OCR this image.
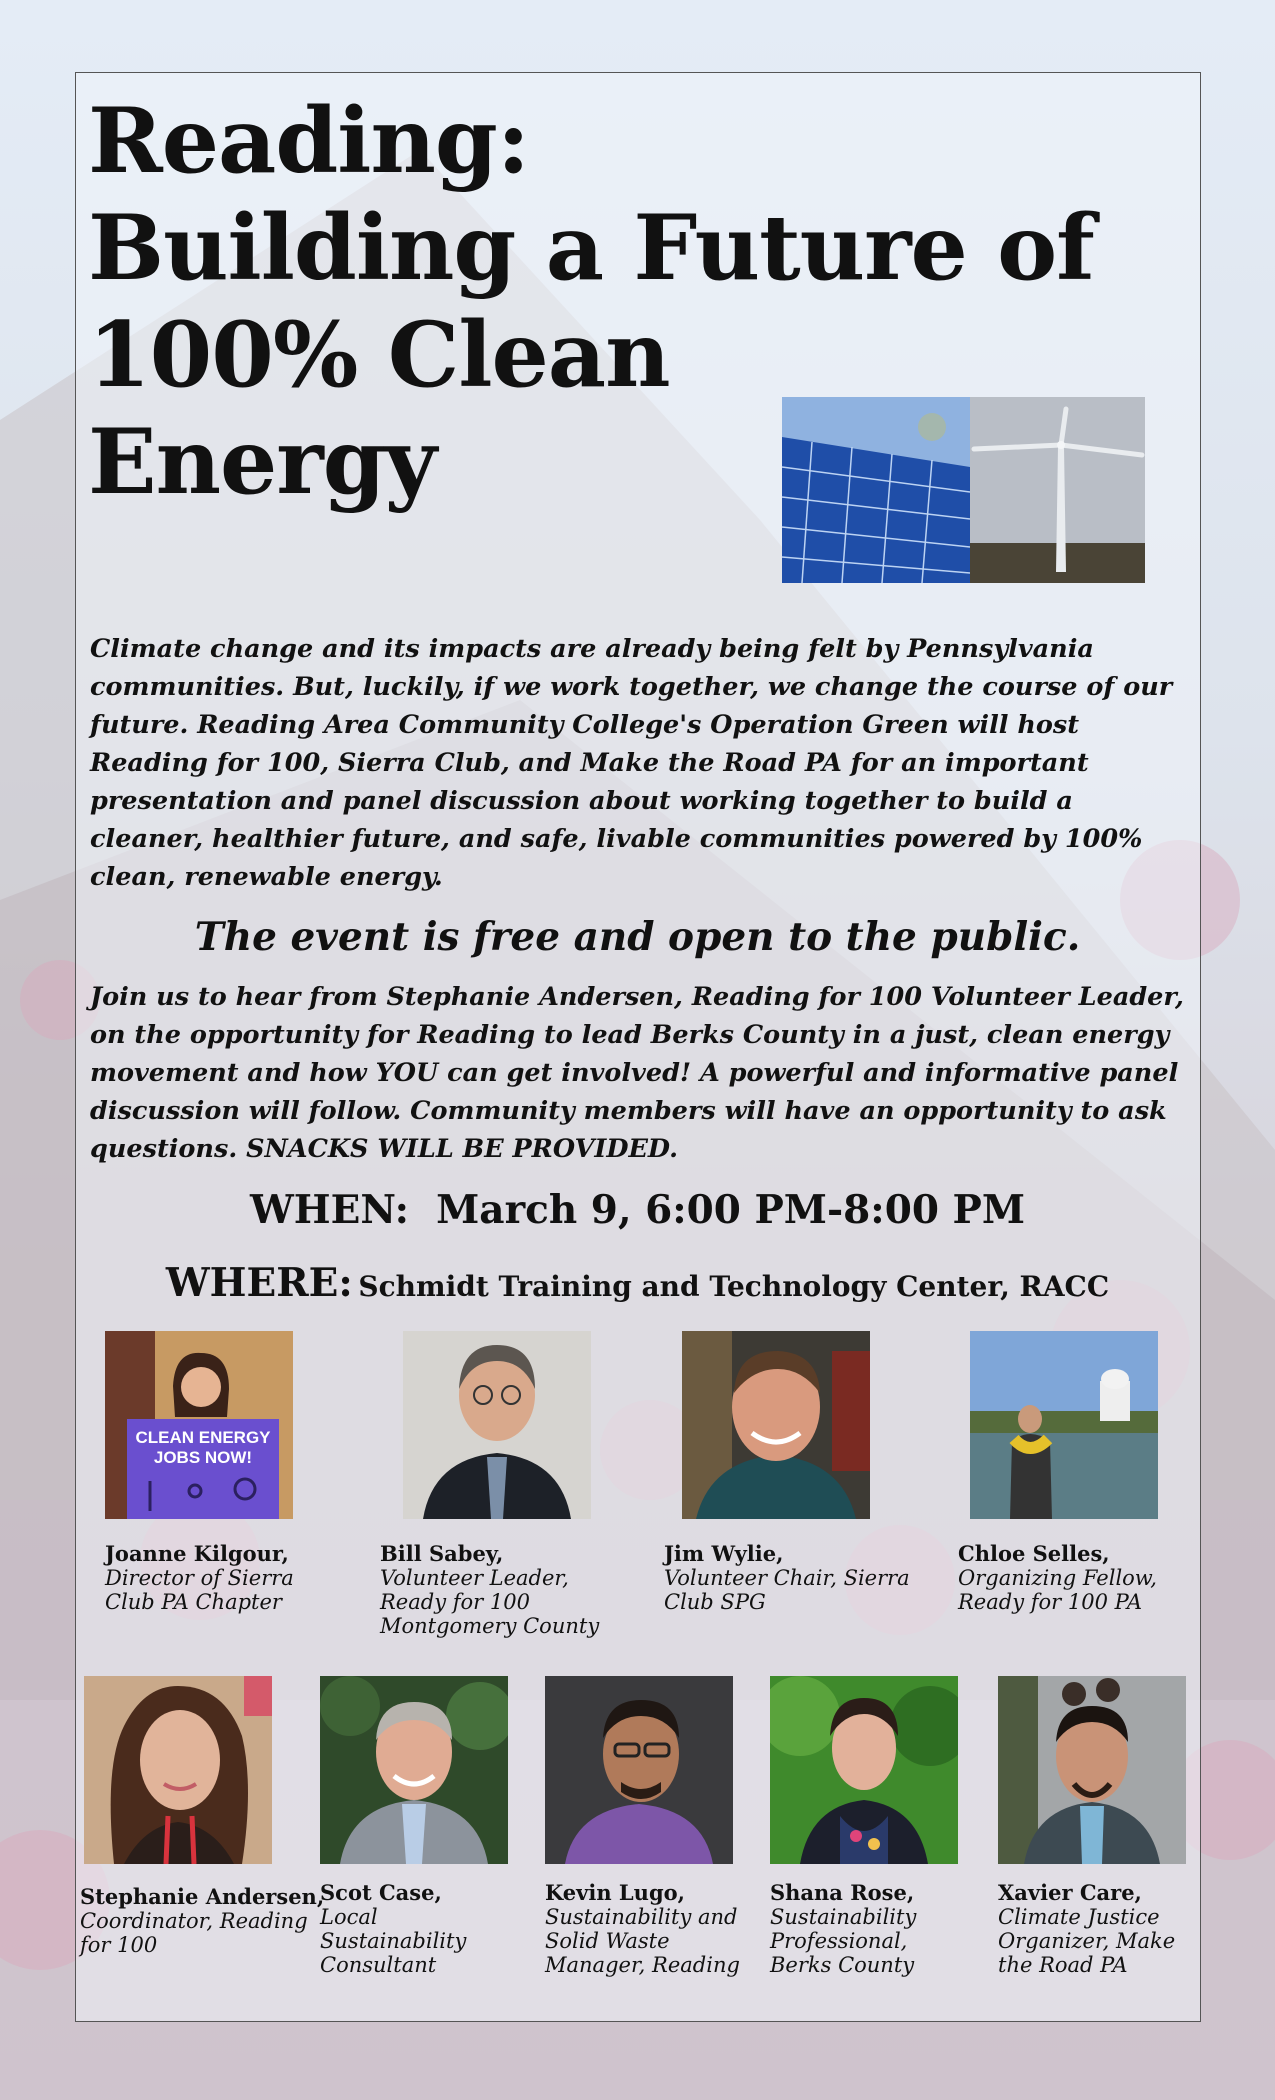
Reading:
Building a Future of
100% Clean
Energy

Climate change and its impacts are already being felt by Pennsylvania communities. But, luckily, if we work together, we change the course of our future. Reading Area Community College's Operation Green will host Reading for 100, Sierra Club, and Make the Road PA for an important presentation and panel discussion about working together to build a cleaner, healthier future, and safe, livable communities powered by 100% clean, renewable energy.

The event is free and open to the public.

Join us to hear from Stephanie Andersen, Reading for 100 Volunteer Leader, on the opportunity for Reading to lead Berks County in a just, clean energy movement and how YOU can get involved! A powerful and informative panel discussion will follow. Community members will have an opportunity to ask questions. SNACKS WILL BE PROVIDED.

WHEN:  March 9, 6:00 PM-8:00 PM

WHERE: Schmidt Training and Technology Center, RACC

CLEAN ENERGY
JOBS NOW!
Joanne Kilgour,
Director of Sierra Club PA Chapter
Bill Sabey,
Volunteer Leader, Ready for 100 Montgomery County
Jim Wylie,
Volunteer Chair, Sierra Club SPG
Chloe Selles,
Organizing Fellow, Ready for 100 PA
Stephanie Andersen,
Coordinator, Reading for 100
Scot Case,
Local Sustainability Consultant
Kevin Lugo,
Sustainability and Solid Waste Manager, Reading
Shana Rose,
Sustainability Professional, Berks County
Xavier Care,
Climate Justice Organizer, Make the Road PA
